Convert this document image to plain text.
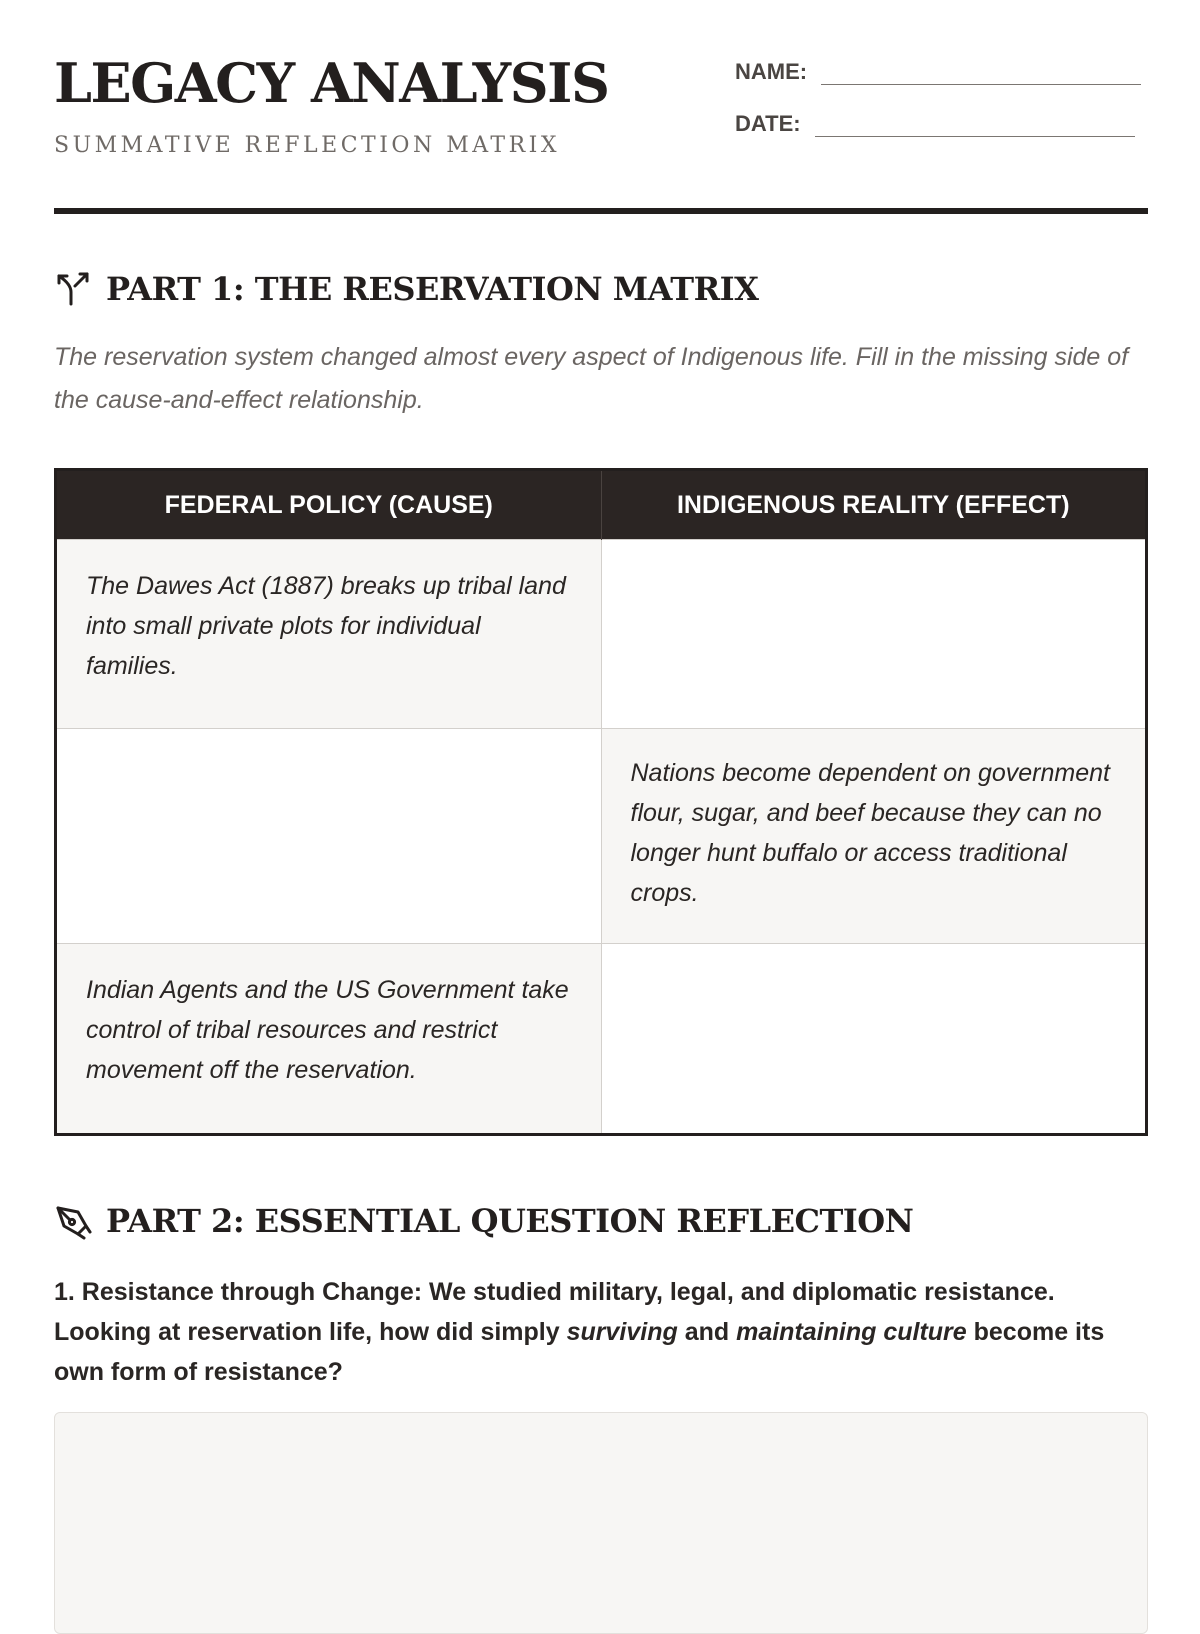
LEGACY ANALYSIS
SUMMATIVE REFLECTION MATRIX
NAME:
DATE:
PART 1: THE RESERVATION MATRIX
The reservation system changed almost every aspect of Indigenous life. Fill in the missing side of the cause-and-effect relationship.
FEDERAL POLICY (CAUSE)	INDIGENOUS REALITY (EFFECT)

The Dawes Act (1887) breaks up tribal land into small private plots for individual families.	

	Nations become dependent on government flour, sugar, and beef because they can no longer hunt buffalo or access traditional crops.

Indian Agents and the US Government take control of tribal resources and restrict movement off the reservation.	

PART 2: ESSENTIAL QUESTION REFLECTION
1. Resistance through Change: We studied military, legal, and diplomatic resistance. Looking at reservation life, how did simply surviving and maintaining culture become its own form of resistance?
